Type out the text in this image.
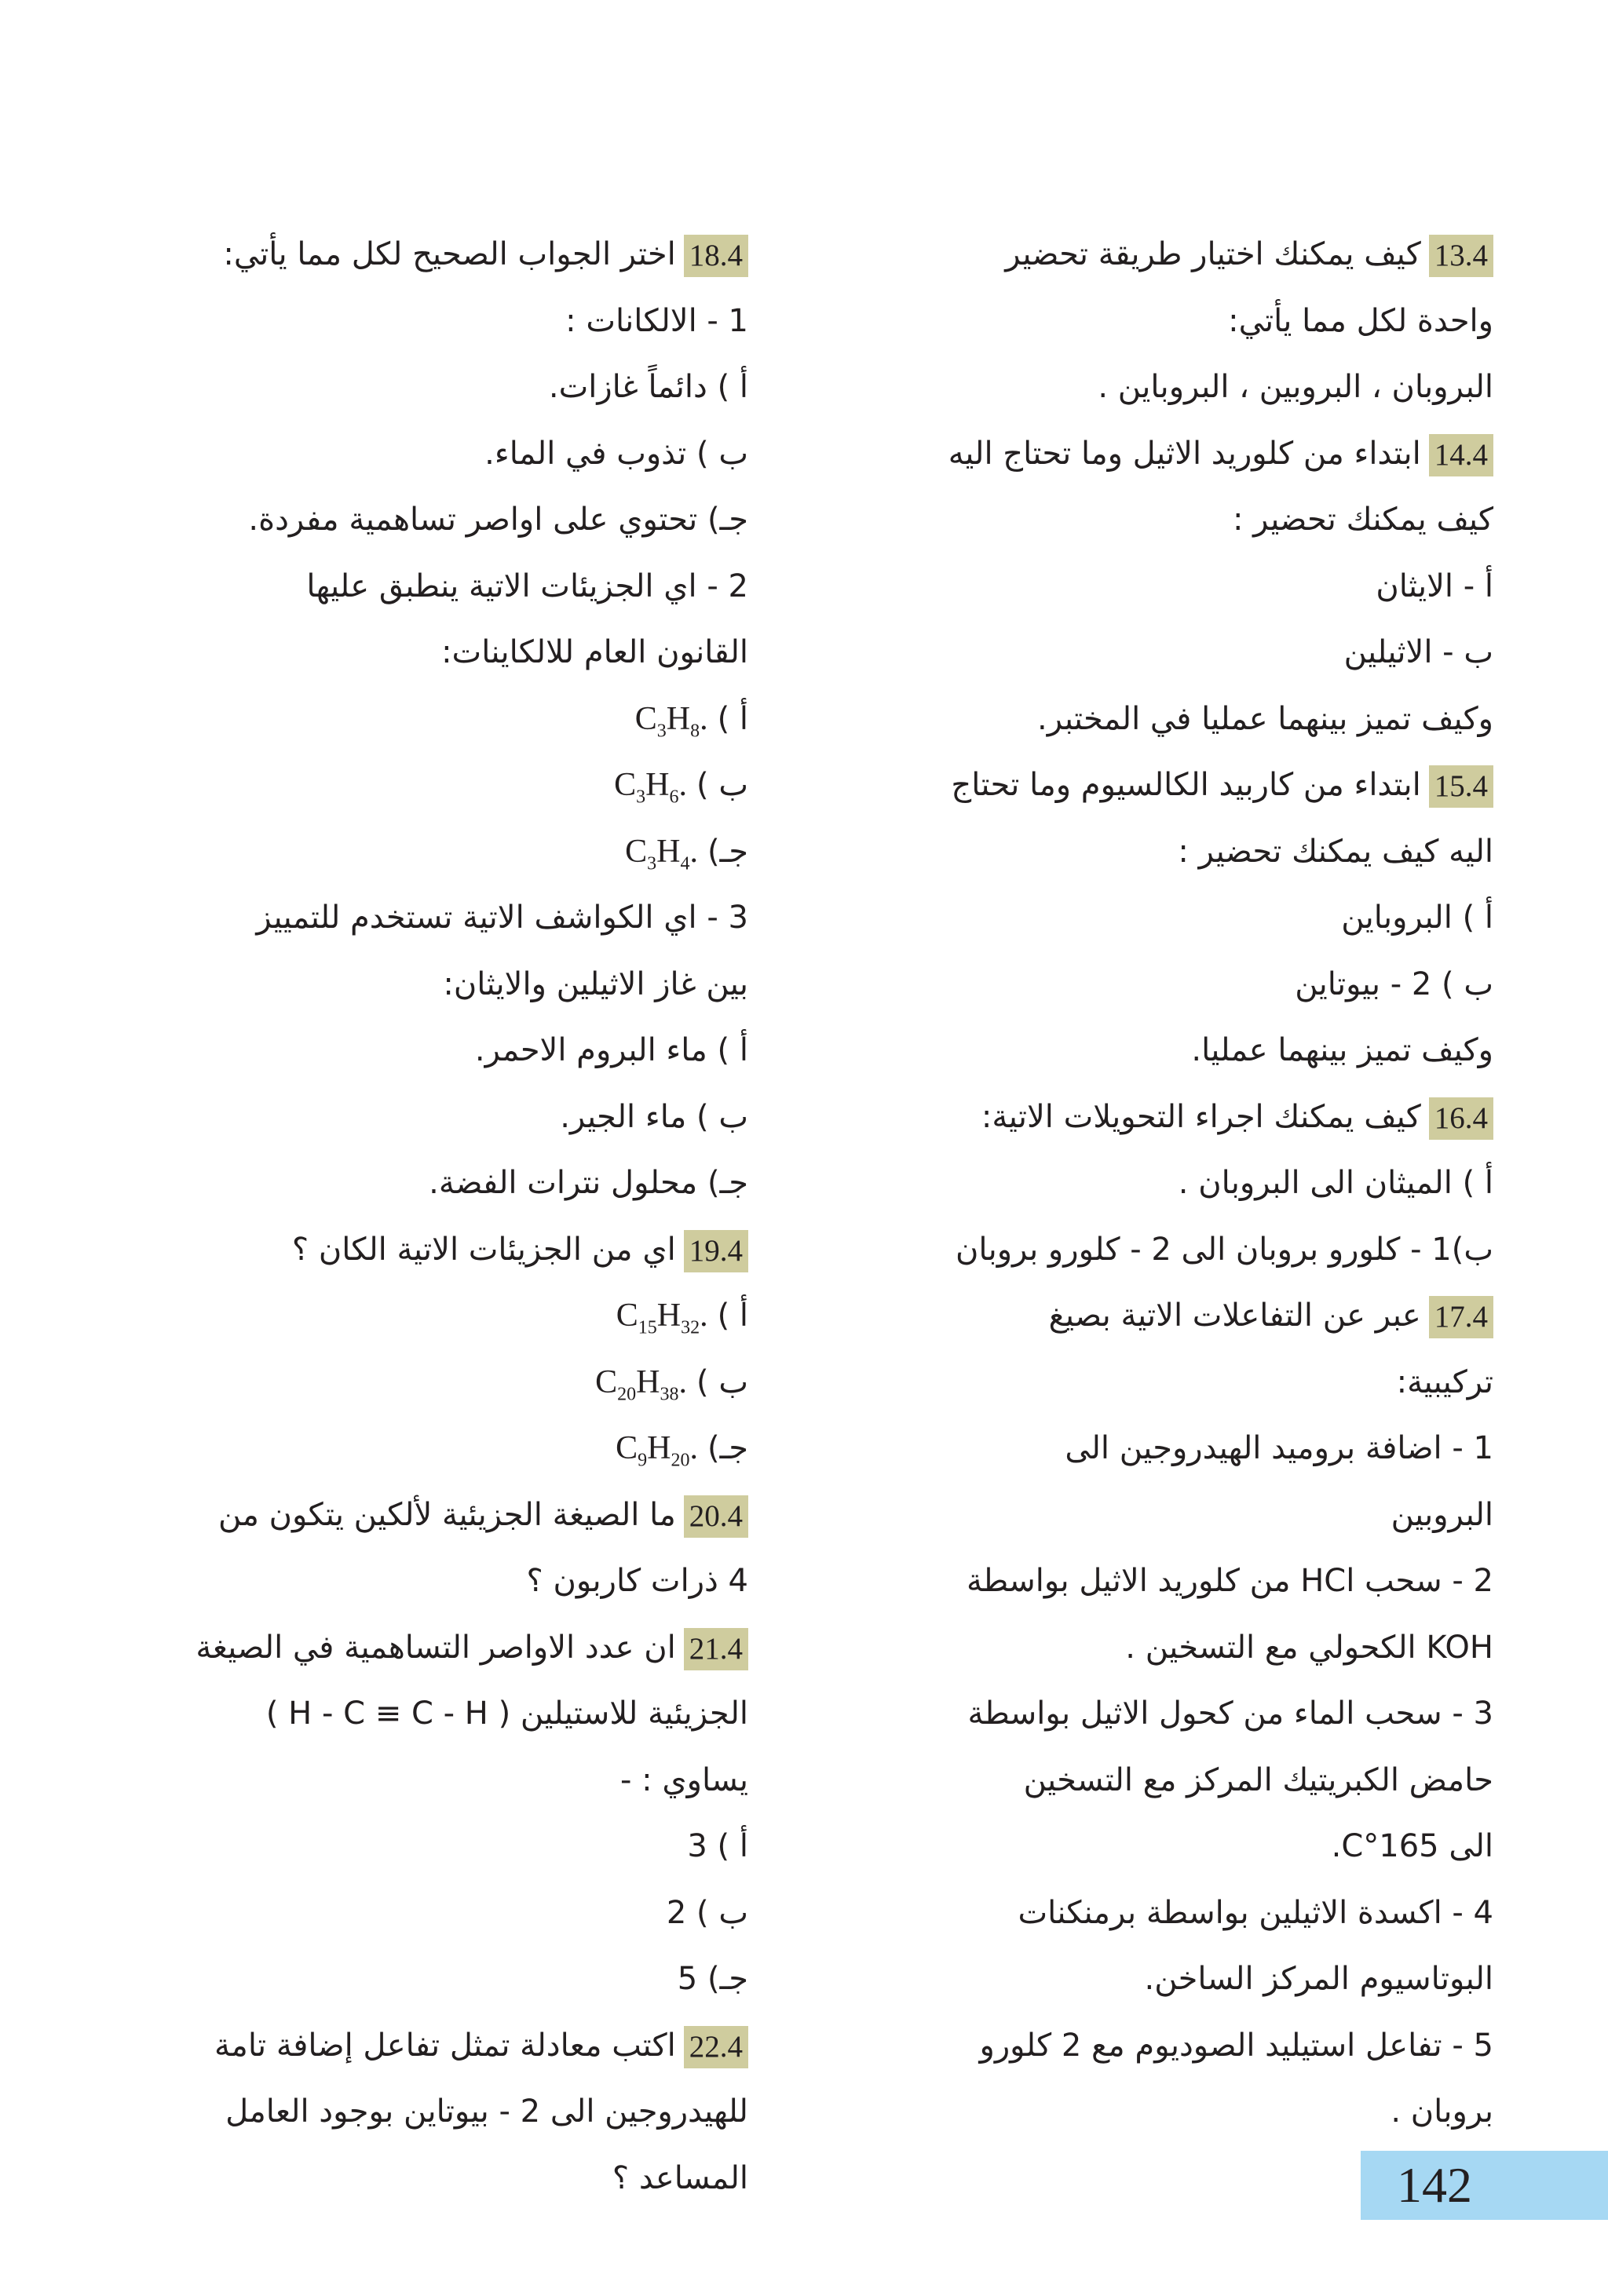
13.4كيف يمكنك اختيار طريقة تحضير
واحدة لكل مما يأتي:
البروبان ، البروبين ، البروباين .
14.4ابتداء من كلوريد الاثيل وما تحتاج اليه
كيف يمكنك تحضير :
أ - الايثان
ب - الاثيلين
وكيف تميز بينهما عمليا في المختبر.
15.4ابتداء من كاربيد الكالسيوم وما تحتاج
اليه كيف يمكنك تحضير :
أ ) البروباين
ب ) 2 - بيوتاين
وكيف تميز بينهما عمليا.
16.4كيف يمكنك اجراء التحويلات الاتية:
أ ) الميثان الى البروبان .
ب)1 - كلورو بروبان الى 2 - كلورو بروبان
17.4عبر عن التفاعلات الاتية بصيغ
تركيبية:
1 - اضافة بروميد الهيدروجين الى
البروبين
2 - سحب HCl من كلوريد الاثيل بواسطة
KOH الكحولي مع التسخين .
3 - سحب الماء من كحول الاثيل بواسطة
حامض الكبريتيك المركز مع التسخين
الى 165°C.
4 - اكسدة الاثيلين بواسطة برمنكنات
البوتاسيوم المركز الساخن.
5 - تفاعل استيليد الصوديوم مع 2 كلورو
بروبان .
18.4اختر الجواب الصحيح لكل مما يأتي:
1 - الالكانات :
أ ) دائماً غازات.
ب ) تذوب في الماء.
جـ) تحتوي على اواصر تساهمية مفردة.
2 - اي الجزيئات الاتية ينطبق عليها
القانون العام للالكاينات:
أ )$C_3H_8$.
ب )$C_3H_6$.
$جـ)C_3H_4$.
3 - اي الكواشف الاتية تستخدم للتمييز
بين غاز الاثيلين والايثان:
أ ) ماء البروم الاحمر.
ب ) ماء الجير.
جـ) محلول نترات الفضة.
19.4اي من الجزيئات الاتية الكان ؟
أ )$C_{15}H_{32}$.
ب )$C_{20}H_{38}$.
$جـ)C_9H_{20}$.
20.4ما الصيغة الجزيئية لألكين يتكون من
4 ذرات كاربون ؟
21.4ان عدد الاواصر التساهمية في الصيغة
الجزيئية للاستيلين ( H - C ≡ C - H )
يساوي : -
أ ) 3
ب ) 2
جـ) 5
22.4اكتب معادلة تمثل تفاعل إضافة تامة
للهيدروجين الى 2 - بيوتاين بوجود العامل
المساعد ؟	142
